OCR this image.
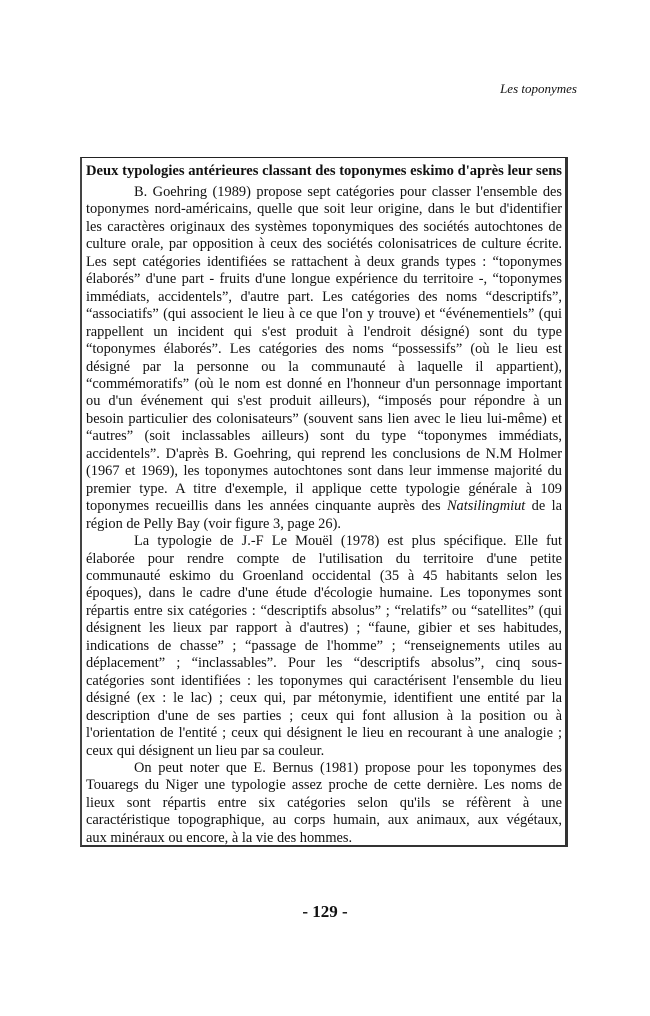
Les toponymes
Deux typologies antérieures classant des toponymes eskimo d'après leur sens
B. Goehring (1989) propose sept catégories pour classer l'ensemble des
toponymes nord-américains, quelle que soit leur origine, dans le but d'identifier
les caractères originaux des systèmes toponymiques des sociétés autochtones de
culture orale, par opposition à ceux des sociétés colonisatrices de culture écrite.
Les sept catégories identifiées se rattachent à deux grands types : “toponymes
élaborés” d'une part - fruits d'une longue expérience du territoire -, “toponymes
immédiats, accidentels”, d'autre part. Les catégories des noms “descriptifs”,
“associatifs” (qui associent le lieu à ce que l'on y trouve) et “événementiels” (qui
rappellent un incident qui s'est produit à l'endroit désigné) sont du type
“toponymes élaborés”. Les catégories des noms “possessifs” (où le lieu est
désigné par la personne ou la communauté à laquelle il appartient),
“commémoratifs” (où le nom est donné en l'honneur d'un personnage important
ou d'un événement qui s'est produit ailleurs), “imposés pour répondre à un
besoin particulier des colonisateurs” (souvent sans lien avec le lieu lui-même) et
“autres” (soit inclassables ailleurs) sont du type “toponymes immédiats,
accidentels”. D'après B. Goehring, qui reprend les conclusions de N.M Holmer
(1967 et 1969), les toponymes autochtones sont dans leur immense majorité du
premier type. A titre d'exemple, il applique cette typologie générale à 109
toponymes recueillis dans les années cinquante auprès des Natsilingmiut de la
région de Pelly Bay (voir figure 3, page 26).
La typologie de J.-F Le Mouël (1978) est plus spécifique. Elle fut
élaborée pour rendre compte de l'utilisation du territoire d'une petite
communauté eskimo du Groenland occidental (35 à 45 habitants selon les
époques), dans le cadre d'une étude d'écologie humaine. Les toponymes sont
répartis entre six catégories : “descriptifs absolus” ; “relatifs” ou “satellites” (qui
désignent les lieux par rapport à d'autres) ; “faune, gibier et ses habitudes,
indications de chasse” ; “passage de l'homme” ; “renseignements utiles au
déplacement” ; “inclassables”. Pour les “descriptifs absolus”, cinq sous-
catégories sont identifiées : les toponymes qui caractérisent l'ensemble du lieu
désigné (ex : le lac) ; ceux qui, par métonymie, identifient une entité par la
description d'une de ses parties ; ceux qui font allusion à la position ou à
l'orientation de l'entité ; ceux qui désignent le lieu en recourant à une analogie ;
ceux qui désignent un lieu par sa couleur.
On peut noter que E. Bernus (1981) propose pour les toponymes des
Touaregs du Niger une typologie assez proche de cette dernière. Les noms de
lieux sont répartis entre six catégories selon qu'ils se réfèrent à une
caractéristique topographique, au corps humain, aux animaux, aux végétaux,
aux minéraux ou encore, à la vie des hommes.
- 129 -
